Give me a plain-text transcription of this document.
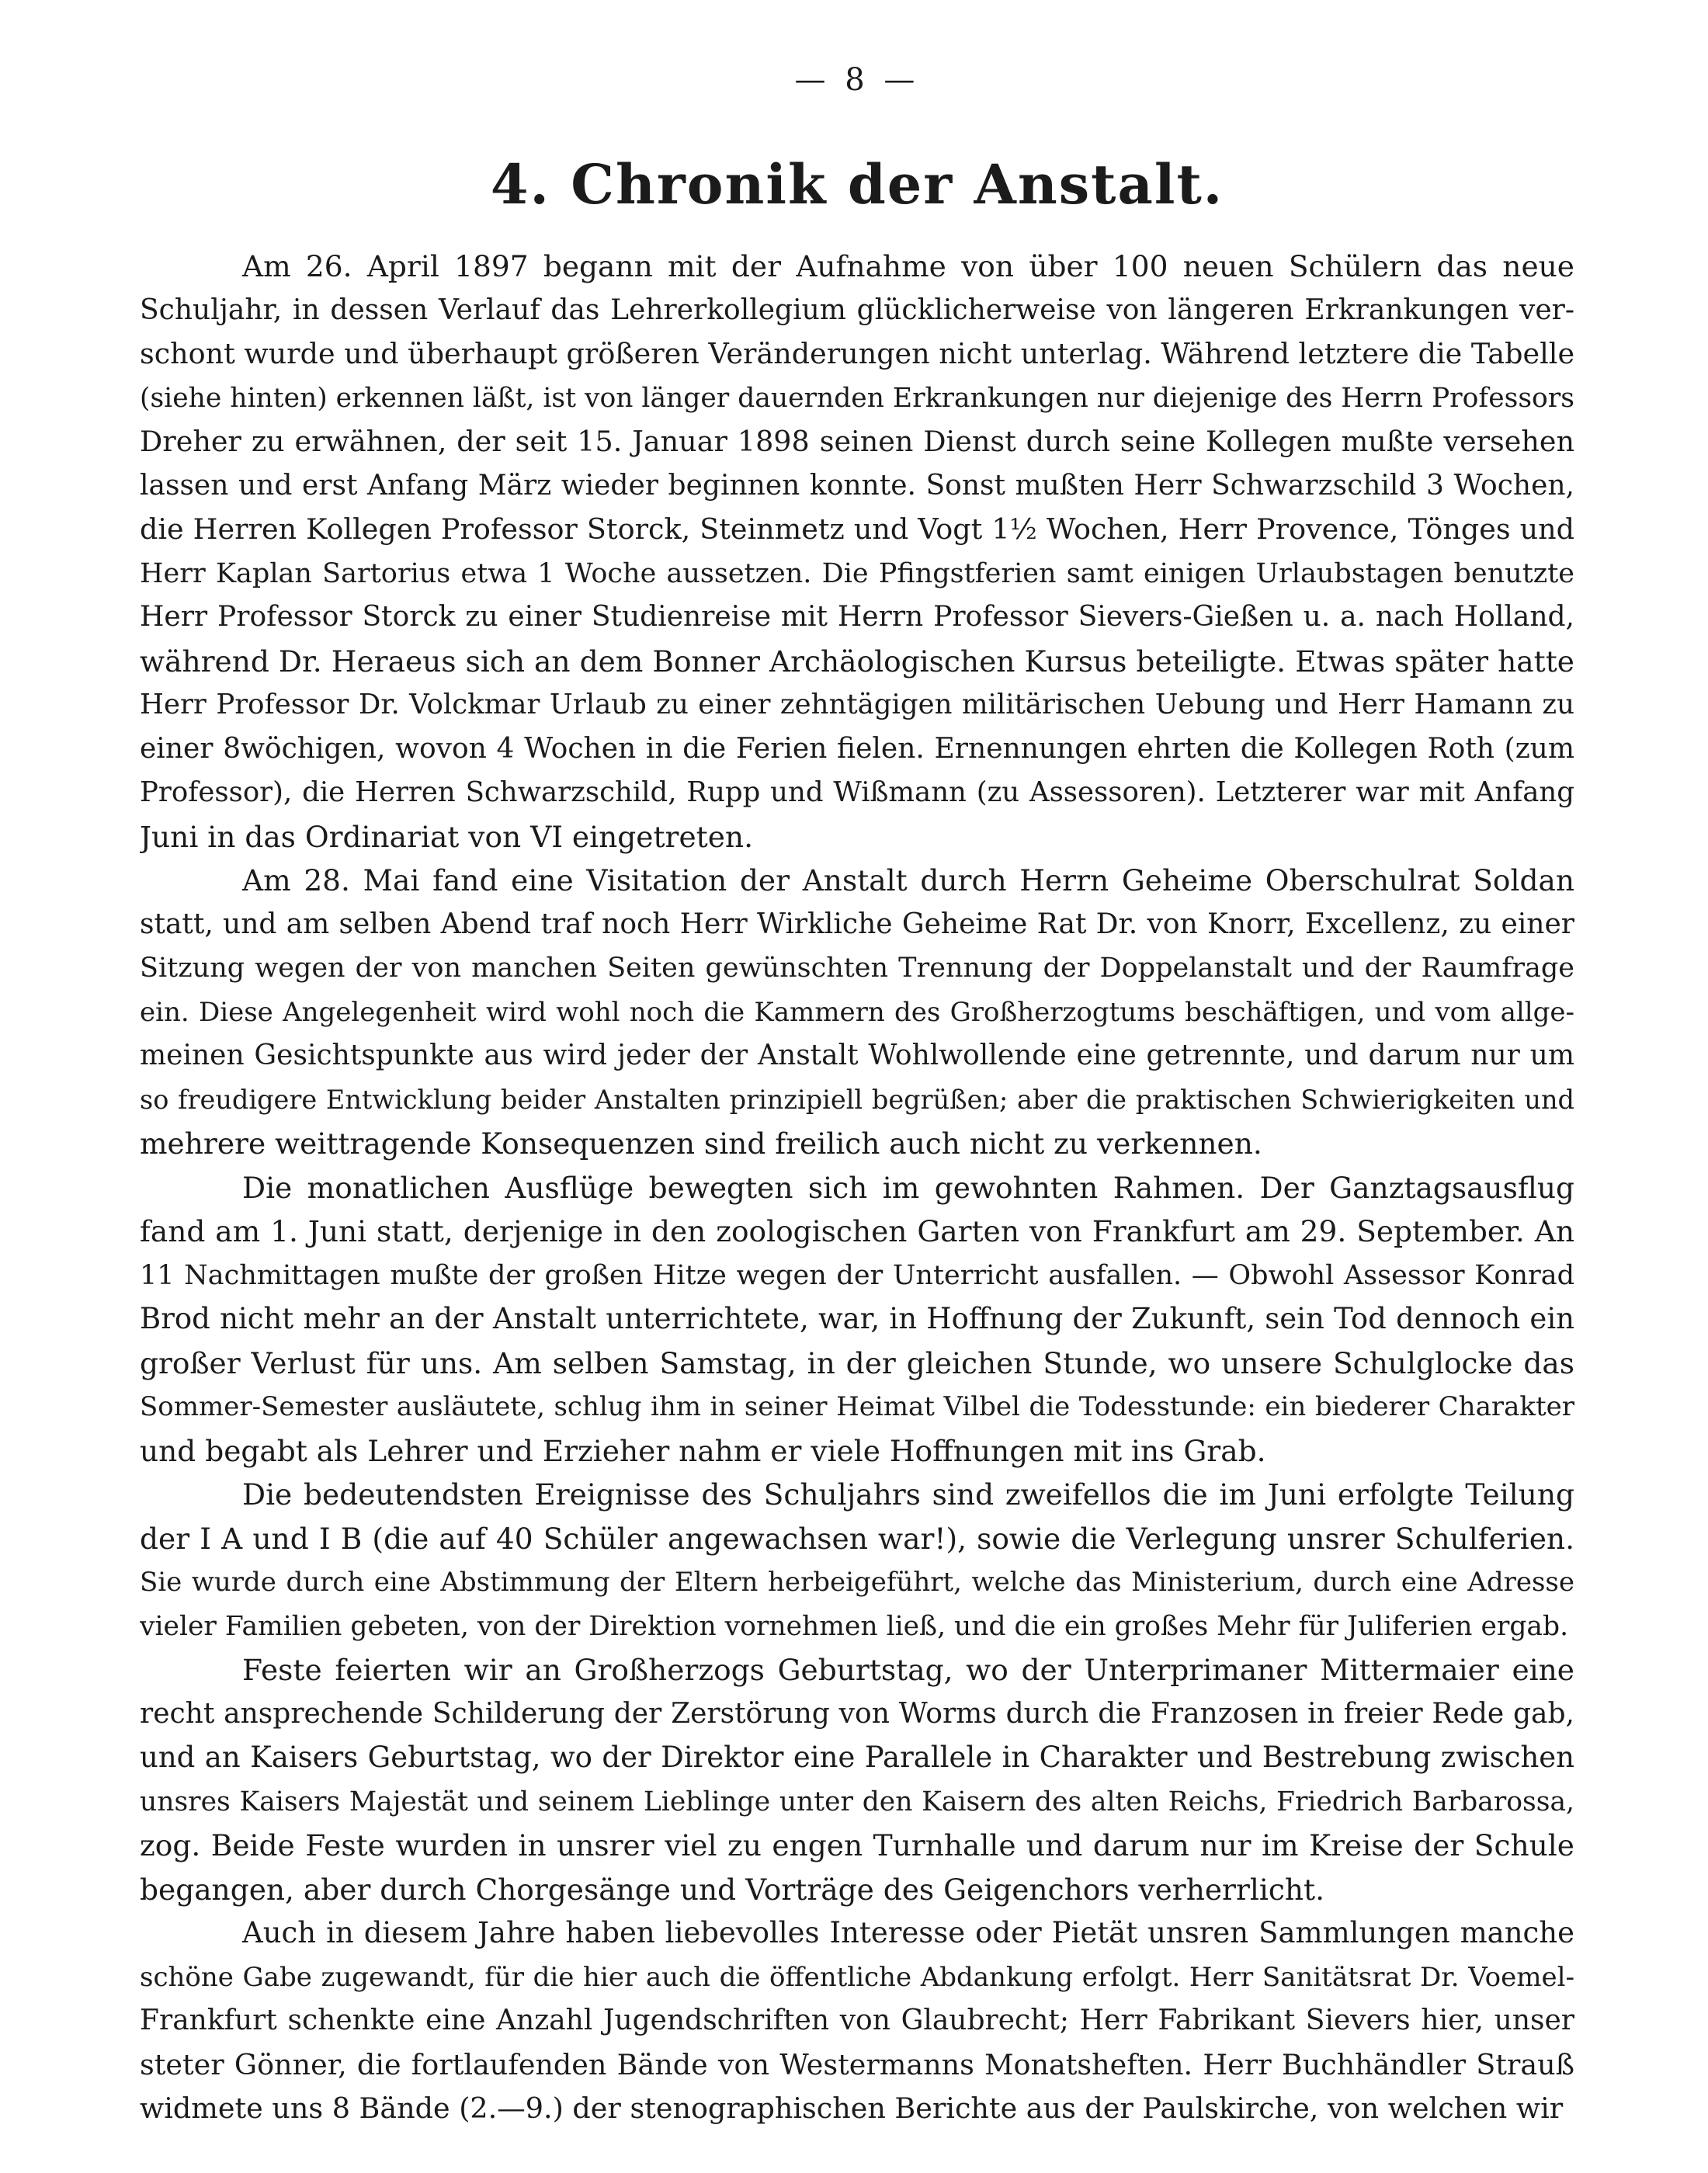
— 8 —
4. Chronik der Anstalt.
Am 26. April 1897 begann mit der Aufnahme von über 100 neuen Schülern das neue
Schuljahr, in dessen Verlauf das Lehrerkollegium glücklicherweise von längeren Erkrankungen ver-
schont wurde und überhaupt größeren Veränderungen nicht unterlag. Während letztere die Tabelle
(siehe hinten) erkennen läßt, ist von länger dauernden Erkrankungen nur diejenige des Herrn Professors
Dreher zu erwähnen, der seit 15. Januar 1898 seinen Dienst durch seine Kollegen mußte versehen
lassen und erst Anfang März wieder beginnen konnte. Sonst mußten Herr Schwarzschild 3 Wochen,
die Herren Kollegen Professor Storck, Steinmetz und Vogt 1½ Wochen, Herr Provence, Tönges und
Herr Kaplan Sartorius etwa 1 Woche aussetzen. Die Pfingstferien samt einigen Urlaubstagen benutzte
Herr Professor Storck zu einer Studienreise mit Herrn Professor Sievers-Gießen u. a. nach Holland,
während Dr. Heraeus sich an dem Bonner Archäologischen Kursus beteiligte. Etwas später hatte
Herr Professor Dr. Volckmar Urlaub zu einer zehntägigen militärischen Uebung und Herr Hamann zu
einer 8wöchigen, wovon 4 Wochen in die Ferien fielen. Ernennungen ehrten die Kollegen Roth (zum
Professor), die Herren Schwarzschild, Rupp und Wißmann (zu Assessoren). Letzterer war mit Anfang
Juni in das Ordinariat von VI eingetreten.
Am 28. Mai fand eine Visitation der Anstalt durch Herrn Geheime Oberschulrat Soldan
statt, und am selben Abend traf noch Herr Wirkliche Geheime Rat Dr. von Knorr, Excellenz, zu einer
Sitzung wegen der von manchen Seiten gewünschten Trennung der Doppelanstalt und der Raumfrage
ein. Diese Angelegenheit wird wohl noch die Kammern des Großherzogtums beschäftigen, und vom allge-
meinen Gesichtspunkte aus wird jeder der Anstalt Wohlwollende eine getrennte, und darum nur um
so freudigere Entwicklung beider Anstalten prinzipiell begrüßen; aber die praktischen Schwierigkeiten und
mehrere weittragende Konsequenzen sind freilich auch nicht zu verkennen.
Die monatlichen Ausflüge bewegten sich im gewohnten Rahmen. Der Ganztagsausflug
fand am 1. Juni statt, derjenige in den zoologischen Garten von Frankfurt am 29. September. An
11 Nachmittagen mußte der großen Hitze wegen der Unterricht ausfallen. — Obwohl Assessor Konrad
Brod nicht mehr an der Anstalt unterrichtete, war, in Hoffnung der Zukunft, sein Tod dennoch ein
großer Verlust für uns. Am selben Samstag, in der gleichen Stunde, wo unsere Schulglocke das
Sommer-Semester ausläutete, schlug ihm in seiner Heimat Vilbel die Todesstunde: ein biederer Charakter
und begabt als Lehrer und Erzieher nahm er viele Hoffnungen mit ins Grab.
Die bedeutendsten Ereignisse des Schuljahrs sind zweifellos die im Juni erfolgte Teilung
der I A und I B (die auf 40 Schüler angewachsen war!), sowie die Verlegung unsrer Schulferien.
Sie wurde durch eine Abstimmung der Eltern herbeigeführt, welche das Ministerium, durch eine Adresse
vieler Familien gebeten, von der Direktion vornehmen ließ, und die ein großes Mehr für Juliferien ergab.
Feste feierten wir an Großherzogs Geburtstag, wo der Unterprimaner Mittermaier eine
recht ansprechende Schilderung der Zerstörung von Worms durch die Franzosen in freier Rede gab,
und an Kaisers Geburtstag, wo der Direktor eine Parallele in Charakter und Bestrebung zwischen
unsres Kaisers Majestät und seinem Lieblinge unter den Kaisern des alten Reichs, Friedrich Barbarossa,
zog. Beide Feste wurden in unsrer viel zu engen Turnhalle und darum nur im Kreise der Schule
begangen, aber durch Chorgesänge und Vorträge des Geigenchors verherrlicht.
Auch in diesem Jahre haben liebevolles Interesse oder Pietät unsren Sammlungen manche
schöne Gabe zugewandt, für die hier auch die öffentliche Abdankung erfolgt. Herr Sanitätsrat Dr. Voemel-
Frankfurt schenkte eine Anzahl Jugendschriften von Glaubrecht; Herr Fabrikant Sievers hier, unser
steter Gönner, die fortlaufenden Bände von Westermanns Monatsheften. Herr Buchhändler Strauß
widmete uns 8 Bände (2.—9.) der stenographischen Berichte aus der Paulskirche, von welchen wir
